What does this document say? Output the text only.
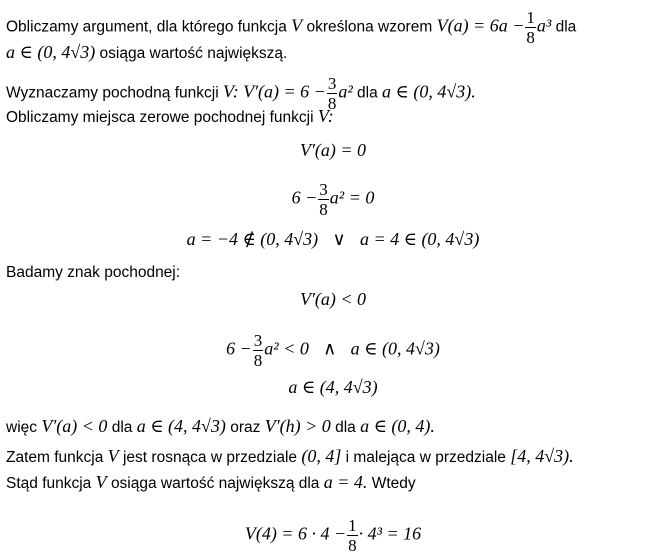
Obliczamy argument, dla którego funkcja V określona wzorem $V(a) = 6a - \frac{1}{8} a^3$ dla
a ∈ (0, 4√3) osiąga wartość największą.
Wyznaczamy pochodną funkcji V: $V'(a) = 6 - \frac{3}{8} a^2$ dla a ∈ (0, 4√3).
Obliczamy miejsca zerowe pochodnej funkcji V:
V′(a) = 0
$6 - \frac{3}{8} a^2 = 0$
a = −4 ∉ (0, 4√3) ∨ a = 4 ∈ (0, 4√3)
Badamy znak pochodnej:
V′(a) < 0
$6 - \frac{3}{8} a^2 < 0$ ∧ a ∈ (0, 4√3)
a ∈ (4, 4√3)
więc V′(a) < 0 dla a ∈ (4, 4√3) oraz V′(h) > 0 dla a ∈ (0, 4).
Zatem funkcja V jest rosnąca w przedziale (0, 4] i malejąca w przedziale [4, 4√3).
Stąd funkcja V osiąga wartość największą dla a = 4. Wtedy
$V(4) = 6 \cdot 4 - \frac{1}{8} \cdot 4^3 = 16$
